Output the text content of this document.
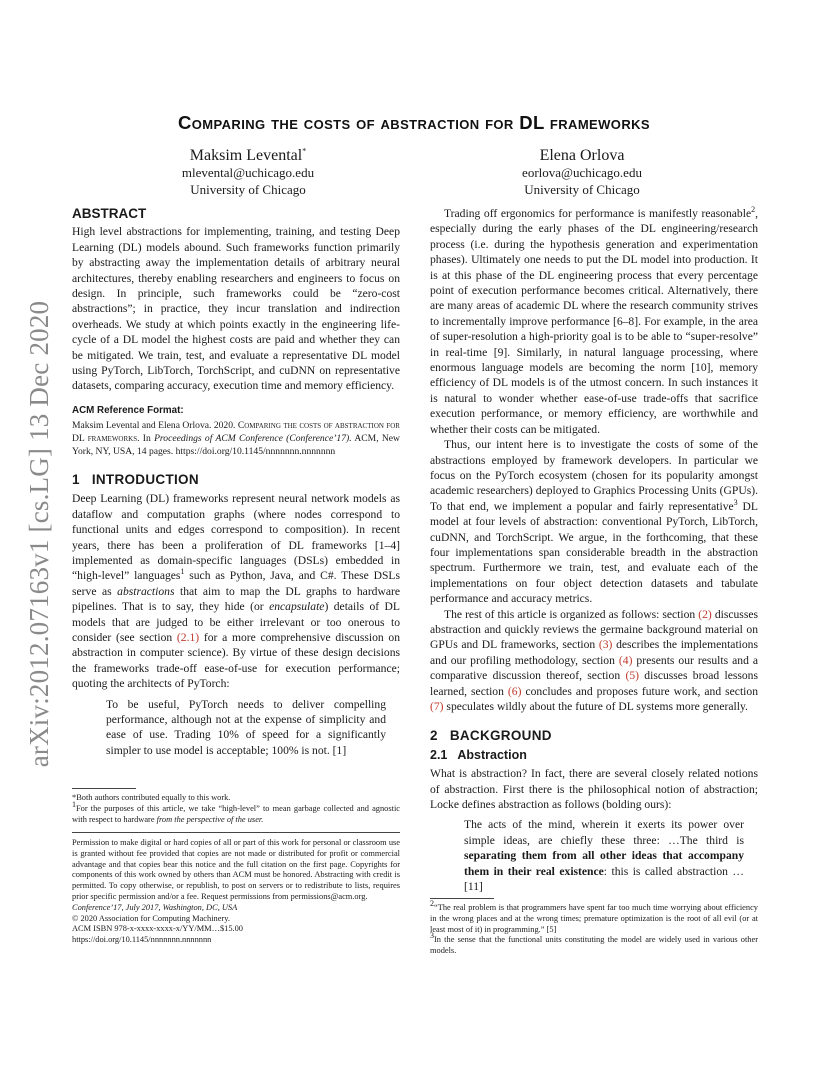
arXiv:2012.07163v1 [cs.LG] 13 Dec 2020
Comparing the costs of abstraction for DL frameworks
Maksim Levental*
mlevental@uchicago.edu
University of Chicago
Elena Orlova
eorlova@uchicago.edu
University of Chicago
ABSTRACT

High level abstractions for implementing, training, and testing Deep Learning (DL) models abound. Such frameworks function primarily by abstracting away the implementation details of arbitrary neural architectures, thereby enabling researchers and engineers to focus on design. In principle, such frameworks could be “zero-cost abstractions”; in practice, they incur translation and indirection overheads. We study at which points exactly in the engineering life-cycle of a DL model the highest costs are paid and whether they can be mitigated. We train, test, and evaluate a representative DL model using PyTorch, LibTorch, TorchScript, and cuDNN on representative datasets, comparing accuracy, execution time and memory efficiency.

ACM Reference Format:
Maksim Levental and Elena Orlova. 2020. Comparing the costs of abstraction for DL frameworks. In Proceedings of ACM Conference (Conference’17). ACM, New York, NY, USA, 14 pages. https://doi.org/10.1145/nnnnnnn.nnnnnnn
1 INTRODUCTION

Deep Learning (DL) frameworks represent neural network models as dataflow and computation graphs (where nodes correspond to functional units and edges correspond to composition). In recent years, there has been a proliferation of DL frameworks [1–4] implemented as domain-specific languages (DSLs) embedded in “high-level” languages$^1$ such as Python, Java, and C#. These DSLs serve as abstractions that aim to map the DL graphs to hardware pipelines. That is to say, they hide (or encapsulate) details of DL models that are judged to be either irrelevant or too onerous to consider (see section (2.1) for a more comprehensive discussion on abstraction in computer science). By virtue of these design decisions the frameworks trade-off ease-of-use for execution performance; quoting the architects of PyTorch:

To be useful, PyTorch needs to deliver compelling performance, although not at the expense of simplicity and ease of use. Trading 10% of speed for a significantly simpler to use model is acceptable; 100% is not. [1]
*Both authors contributed equally to this work.
$^1$For the purposes of this article, we take “high-level” to mean garbage collected and agnostic with respect to hardware from the perspective of the user.
Permission to make digital or hard copies of all or part of this work for personal or classroom use is granted without fee provided that copies are not made or distributed for profit or commercial advantage and that copies bear this notice and the full citation on the first page. Copyrights for components of this work owned by others than ACM must be honored. Abstracting with credit is permitted. To copy otherwise, or republish, to post on servers or to redistribute to lists, requires prior specific permission and/or a fee. Request permissions from permissions@acm.org.
Conference’17, July 2017, Washington, DC, USA
© 2020 Association for Computing Machinery.
ACM ISBN 978-x-xxxx-xxxx-x/YY/MM…$15.00
https://doi.org/10.1145/nnnnnnn.nnnnnnn

Trading off ergonomics for performance is manifestly reasonable$^2$, especially during the early phases of the DL engineering/research process (i.e. during the hypothesis generation and experimentation phases). Ultimately one needs to put the DL model into production. It is at this phase of the DL engineering process that every percentage point of execution performance becomes critical. Alternatively, there are many areas of academic DL where the research community strives to incrementally improve performance [6–8]. For example, in the area of super-resolution a high-priority goal is to be able to “super-resolve” in real-time [9]. Similarly, in natural language processing, where enormous language models are becoming the norm [10], memory efficiency of DL models is of the utmost concern. In such instances it is natural to wonder whether ease-of-use trade-offs that sacrifice execution performance, or memory efficiency, are worthwhile and whether their costs can be mitigated.

Thus, our intent here is to investigate the costs of some of the abstractions employed by framework developers. In particular we focus on the PyTorch ecosystem (chosen for its popularity amongst academic researchers) deployed to Graphics Processing Units (GPUs). To that end, we implement a popular and fairly representative$^3$ DL model at four levels of abstraction: conventional PyTorch, LibTorch, cuDNN, and TorchScript. We argue, in the forthcoming, that these four implementations span considerable breadth in the abstraction spectrum. Furthermore we train, test, and evaluate each of the implementations on four object detection datasets and tabulate performance and accuracy metrics.

The rest of this article is organized as follows: section (2) discusses abstraction and quickly reviews the germaine background material on GPUs and DL frameworks, section (3) describes the implementations and our profiling methodology, section (4) presents our results and a comparative discussion thereof, section (5) discusses broad lessons learned, section (6) concludes and proposes future work, and section (7) speculates wildly about the future of DL systems more generally.

2 BACKGROUND
2.1 Abstraction

What is abstraction? In fact, there are several closely related notions of abstraction. First there is the philosophical notion of abstraction; Locke defines abstraction as follows (bolding ours):

The acts of the mind, wherein it exerts its power over simple ideas, are chiefly these three: …The third is separating them from all other ideas that accompany them in their real existence: this is called abstraction … [11]
$^2$“The real problem is that programmers have spent far too much time worrying about efficiency in the wrong places and at the wrong times; premature optimization is the root of all evil (or at least most of it) in programming.” [5]
$^3$In the sense that the functional units constituting the model are widely used in various other models.
